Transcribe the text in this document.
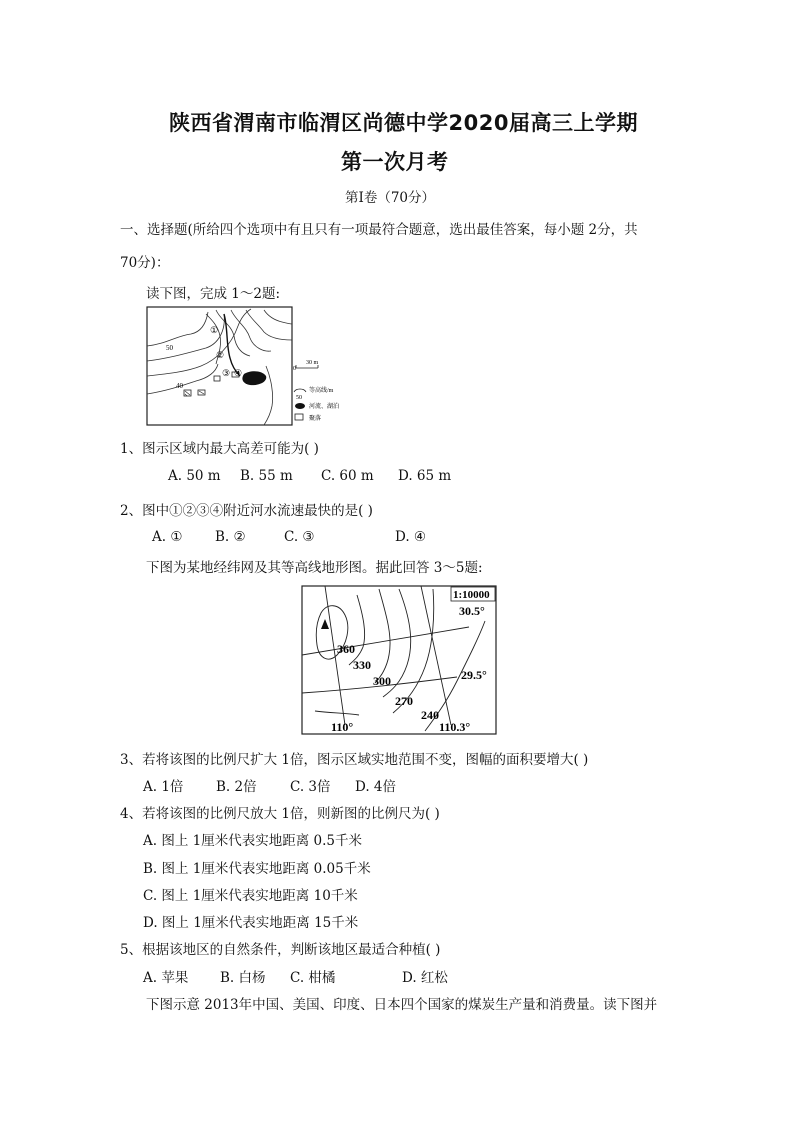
陕西省渭南市临渭区尚德中学2020届高三上学期
第一次月考
第Ⅰ卷（70分）
一、选择题(所给四个选项中有且只有一项最符合题意，选出最佳答案，每小题 2分，共
70分)：
读下图，完成 1～2题:
①
②
③ ④
50
40
0
30 m
50
等高线/m
河流、湖泊
聚落
1、图示区域内最大高差可能为( )
A. 50 m B. 55 m C. 60 m D. 65 m
2、图中①②③④附近河水流速最快的是( )
A. ① B. ②	C. ③	D. ④
下图为某地经纬网及其等高线地形图。据此回答 3～5题:
1:10000
30.5°
29.5°
110°	110.3°
360
330
300
270
240
3、若将该图的比例尺扩大 1倍，图示区域实地范围不变，图幅的面积要增大( )
A. 1倍 B. 2倍 C. 3倍 D. 4倍
4、若将该图的比例尺放大 1倍，则新图的比例尺为( )
A. 图上 1厘米代表实地距离 0.5千米
B. 图上 1厘米代表实地距离 0.05千米
C. 图上 1厘米代表实地距离 10千米
D. 图上 1厘米代表实地距离 15千米
5、根据该地区的自然条件，判断该地区最适合种植( )
A. 苹果 B. 白杨 C. 柑橘	D. 红松
下图示意 2013年中国、美国、印度、日本四个国家的煤炭生产量和消费量。读下图并
